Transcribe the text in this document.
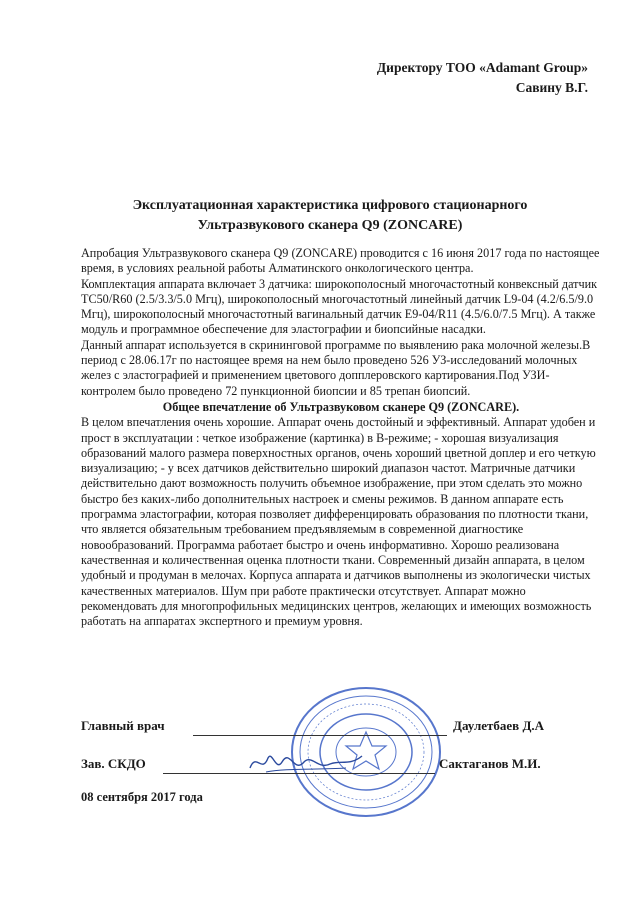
Директору ТОО «Adamant Group»
Савину В.Г.
Эксплуатационная характеристика цифрового стационарного
Ультразвукового сканера Q9 (ZONCARE)

Апробация Ультразвукового сканера Q9 (ZONCARE) проводится с 16 июня 2017 года по настоящее время, в условиях реальной работы Алматинского онкологического центра.

Комплектация аппарата включает 3 датчика: широкополосный многочастотный конвексный датчик TC50/R60 (2.5/3.3/5.0 Мгц), широкополосный многочастотный линейный датчик L9-04 (4.2/6.5/9.0 Мгц), широкополосный многочастотный вагинальный датчик E9-04/R11 (4.5/6.0/7.5 Мгц). А также модуль и программное обеспечение для эластографии и биопсийные насадки.

Данный аппарат используется в скрининговой программе по выявлению рака молочной железы.В период с 28.06.17г по настоящее время на нем было проведено 526 УЗ-исследований молочных желез с эластографией и применением цветового допплеровского картирования.Под УЗИ-контролем было проведено 72 пункционной биопсии и 85 трепан биопсий.

Общее впечатление об Ультразвуковом сканере Q9 (ZONCARE).

В целом впечатления очень хорошие. Аппарат очень достойный и эффективный. Аппарат удобен и прост в эксплуатации : четкое изображение (картинка) в В-режиме; - хорошая визуализация образований малого размера поверхностных органов, очень хороший цветной доплер и его четкую визуализацию; - у всех датчиков действительно широкий диапазон частот. Матричные датчики действительно дают возможность получить объемное изображение, при этом сделать это можно быстро без каких-либо дополнительных настроек и смены режимов. В данном аппарате есть программа эластографии, которая позволяет дифференцировать образования по плотности ткани, что является обязательным требованием предъявляемым в современной диагностике новообразований. Программа работает быстро и очень информативно. Хорошо реализована качественная и количественная оценка плотности ткани. Современный дизайн аппарата, в целом удобный и продуман в мелочах. Корпуса аппарата и датчиков выполнены из экологически чистых качественных материалов. Шум при работе практически отсутствует. Аппарат можно рекомендовать для многопрофильных медицинских центров, желающих и имеющих возможность работать на аппаратах экспертного и премиум уровня.

Главный врач	Даулетбаев Д.А
Зав. СКДО	Сактаганов М.И.
08 сентября 2017 года
